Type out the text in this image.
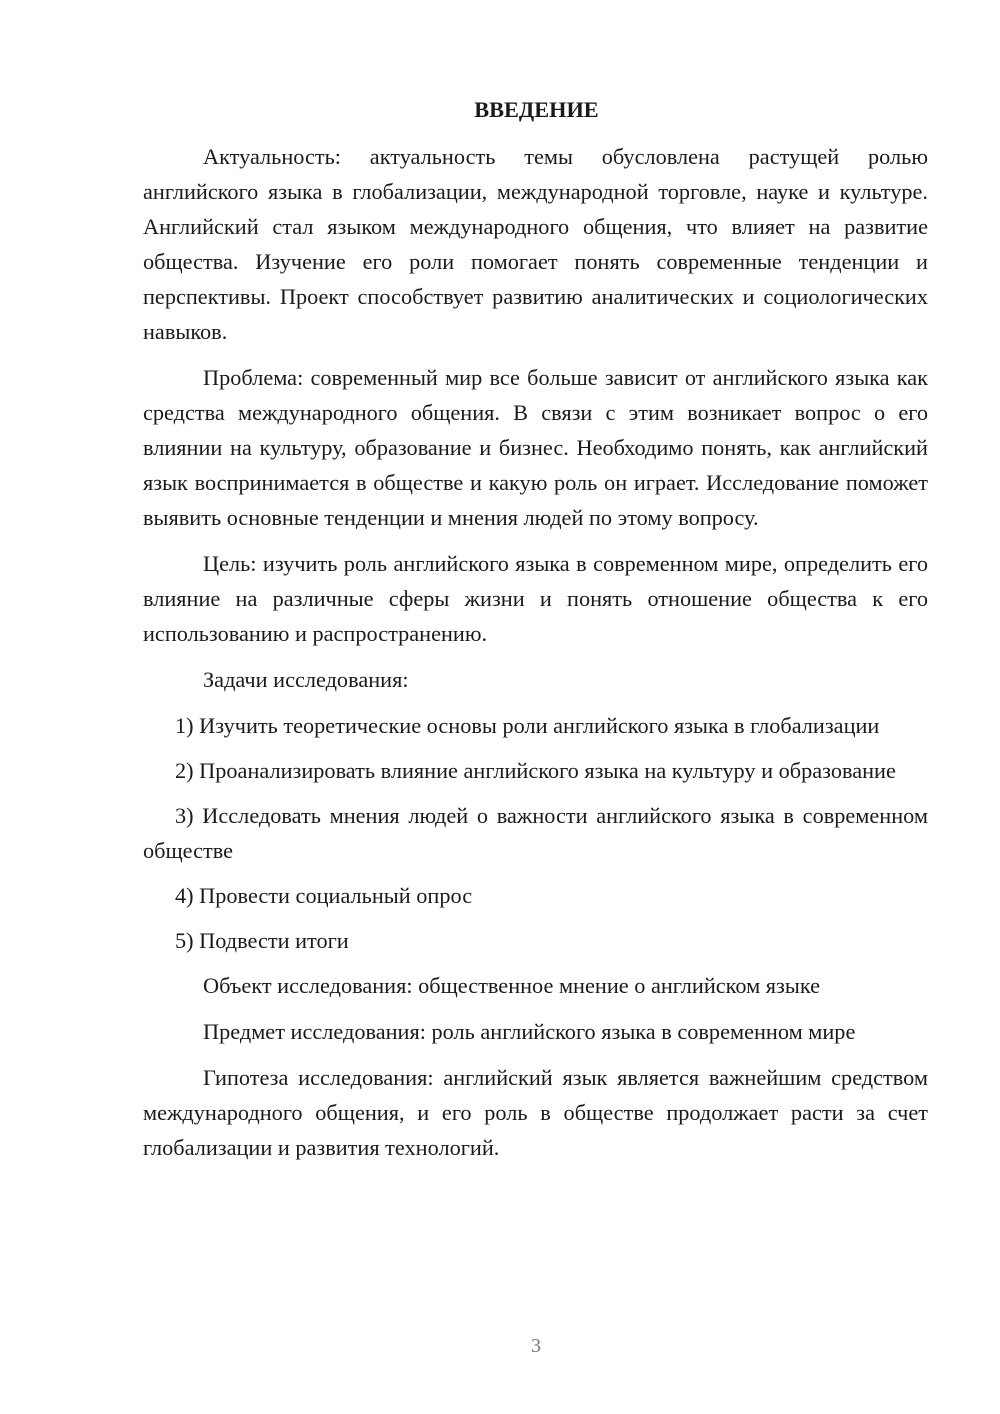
ВВЕДЕНИЕ

Актуальность: актуальность темы обусловлена растущей ролью английского языка в глобализации, международной торговле, науке и культуре. Английский стал языком международного общения, что влияет на развитие общества. Изучение его роли помогает понять современные тенденции и перспективы. Проект способствует развитию аналитических и социологических навыков.

Проблема: современный мир все больше зависит от английского языка как средства международного общения. В связи с этим возникает вопрос о его влиянии на культуру, образование и бизнес. Необходимо понять, как английский язык воспринимается в обществе и какую роль он играет. Исследование поможет выявить основные тенденции и мнения людей по этому вопросу.

Цель: изучить роль английского языка в современном мире, определить его влияние на различные сферы жизни и понять отношение общества к его использованию и распространению.

Задачи исследования:

1) Изучить теоретические основы роли английского языка в глобализации

2) Проанализировать влияние английского языка на культуру и образование

3) Исследовать мнения людей о важности английского языка в современном обществе

4) Провести социальный опрос

5) Подвести итоги

Объект исследования: общественное мнение о английском языке

Предмет исследования: роль английского языка в современном мире

Гипотеза исследования: английский язык является важнейшим средством международного общения, и его роль в обществе продолжает расти за счет глобализации и развития технологий.

3
